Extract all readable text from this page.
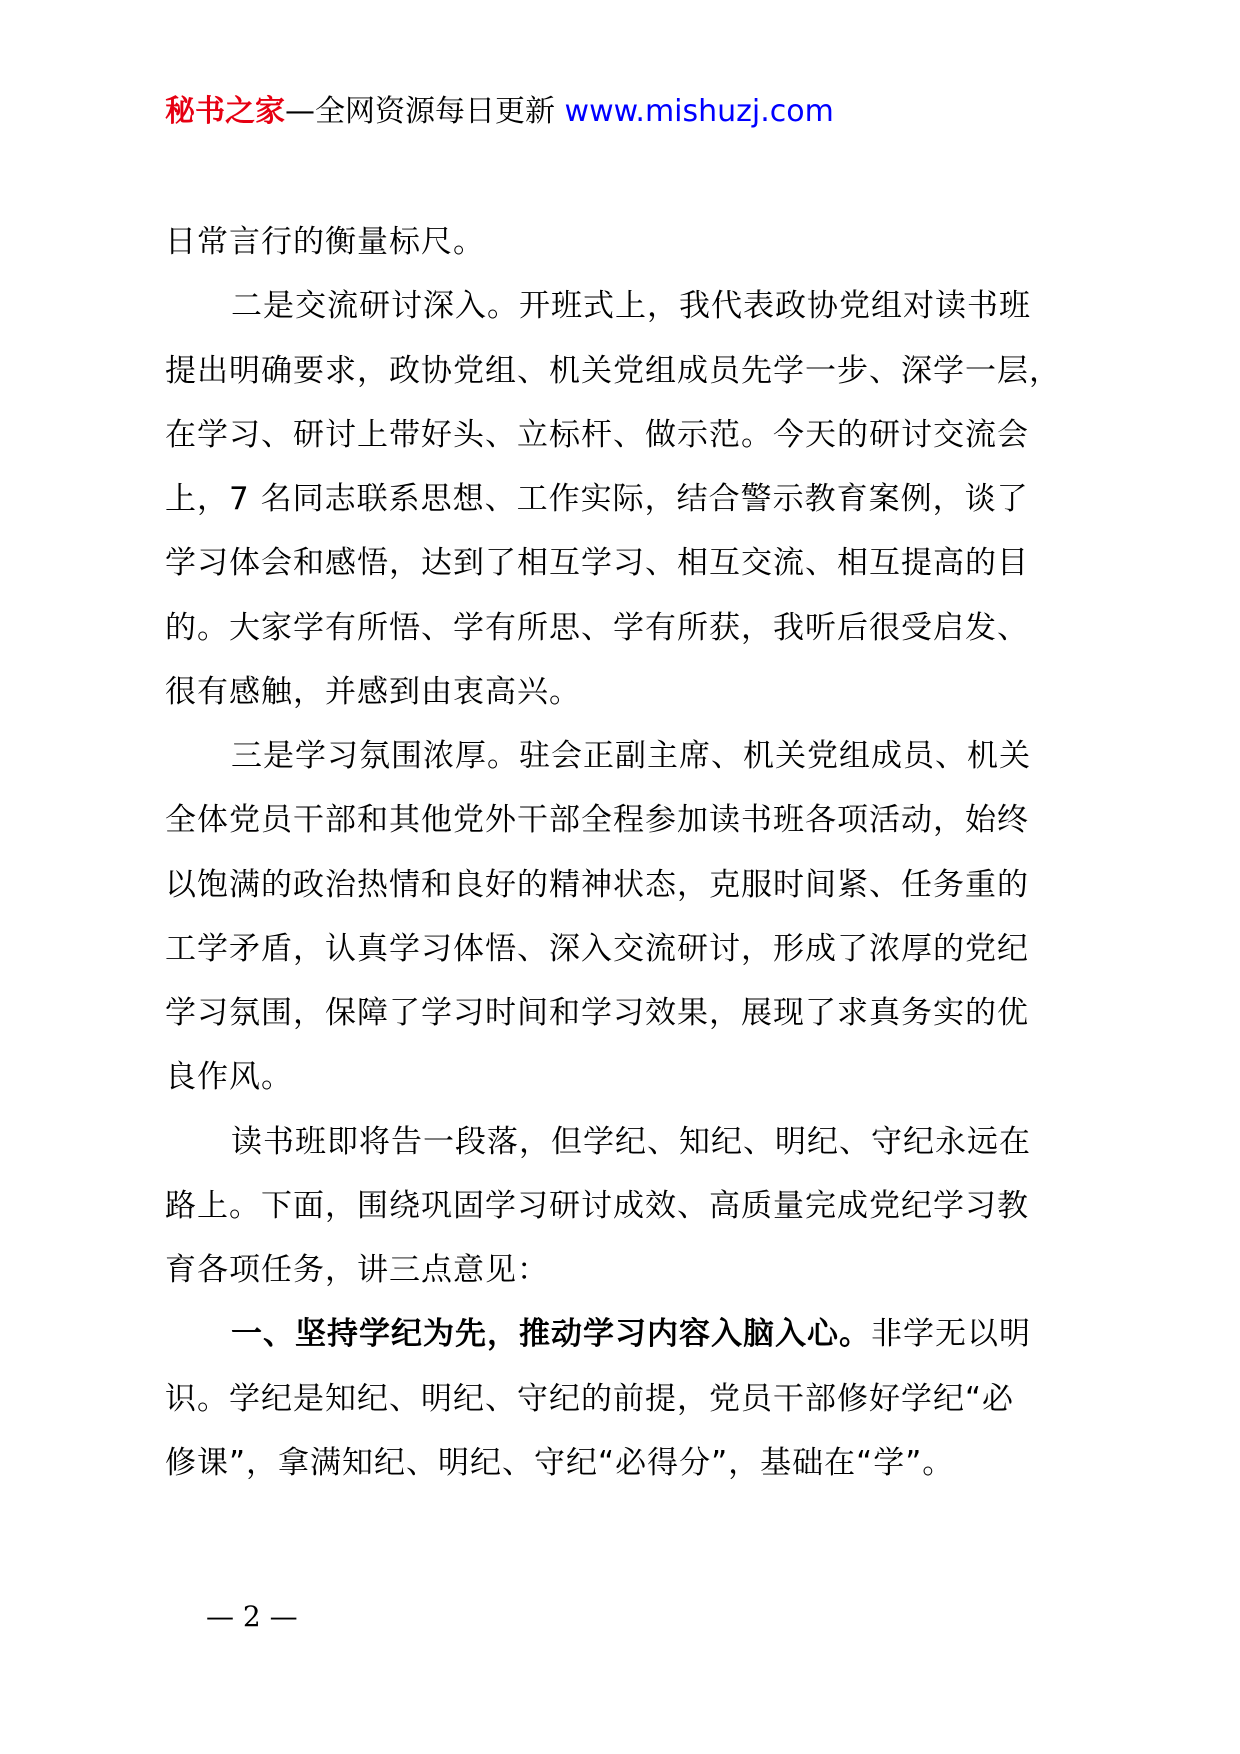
秘书之家—全网资源每日更新 www.mishuzj.com
日常言行的衡量标尺。
二是交流研讨深入。开班式上，我代表政协党组对读书班
提出明确要求，政协党组、机关党组成员先学一步、深学一层，
在学习、研讨上带好头、立标杆、做示范。今天的研讨交流会
上，7 名同志联系思想、工作实际，结合警示教育案例，谈了
学习体会和感悟，达到了相互学习、相互交流、相互提高的目
的。大家学有所悟、学有所思、学有所获，我听后很受启发、
很有感触，并感到由衷高兴。
三是学习氛围浓厚。驻会正副主席、机关党组成员、机关
全体党员干部和其他党外干部全程参加读书班各项活动，始终
以饱满的政治热情和良好的精神状态，克服时间紧、任务重的
工学矛盾，认真学习体悟、深入交流研讨，形成了浓厚的党纪
学习氛围，保障了学习时间和学习效果，展现了求真务实的优
良作风。
读书班即将告一段落，但学纪、知纪、明纪、守纪永远在
路上。下面，围绕巩固学习研讨成效、高质量完成党纪学习教
育各项任务，讲三点意见：
一、坚持学纪为先，推动学习内容入脑入心。非学无以明
识。学纪是知纪、明纪、守纪的前提，党员干部修好学纪“必
修课”，拿满知纪、明纪、守纪“必得分”，基础在“学”。
— 2 —
